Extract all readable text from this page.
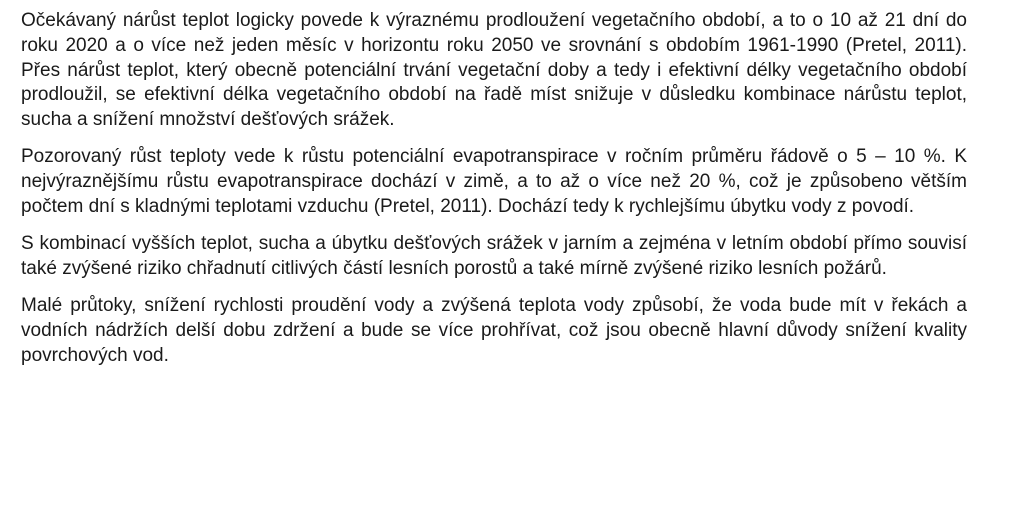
Očekávaný nárůst teplot logicky povede k výraznému prodloužení vegetačního období, a to o 10 až 21 dní do roku 2020 a o více než jeden měsíc v horizontu roku 2050 ve srovnání s obdobím 1961-1990 (Pretel, 2011). Přes nárůst teplot, který obecně potenciální trvání vegetační doby a tedy i efektivní délky vegetačního období prodloužil, se efektivní délka vegetačního období na řadě míst snižuje v důsledku kombinace nárůstu teplot, sucha a snížení množství dešťových srážek.

Pozorovaný růst teploty vede k růstu potenciální evapotranspirace v ročním průměru řádově o 5 – 10 %. K nejvýraznějšímu růstu evapotranspirace dochází v zimě, a to až o více než 20 %, což je způsobeno větším počtem dní s kladnými teplotami vzduchu (Pretel, 2011). Dochází tedy k rychlejšímu úbytku vody z povodí.

S kombinací vyšších teplot, sucha a úbytku dešťových srážek v jarním a zejména v letním období přímo souvisí také zvýšené riziko chřadnutí citlivých částí lesních porostů a také mírně zvýšené riziko lesních požárů.

Malé průtoky, snížení rychlosti proudění vody a zvýšená teplota vody způsobí, že voda bude mít v řekách a vodních nádržích delší dobu zdržení a bude se více prohřívat, což jsou obecně hlavní důvody snížení kvality povrchových vod.
